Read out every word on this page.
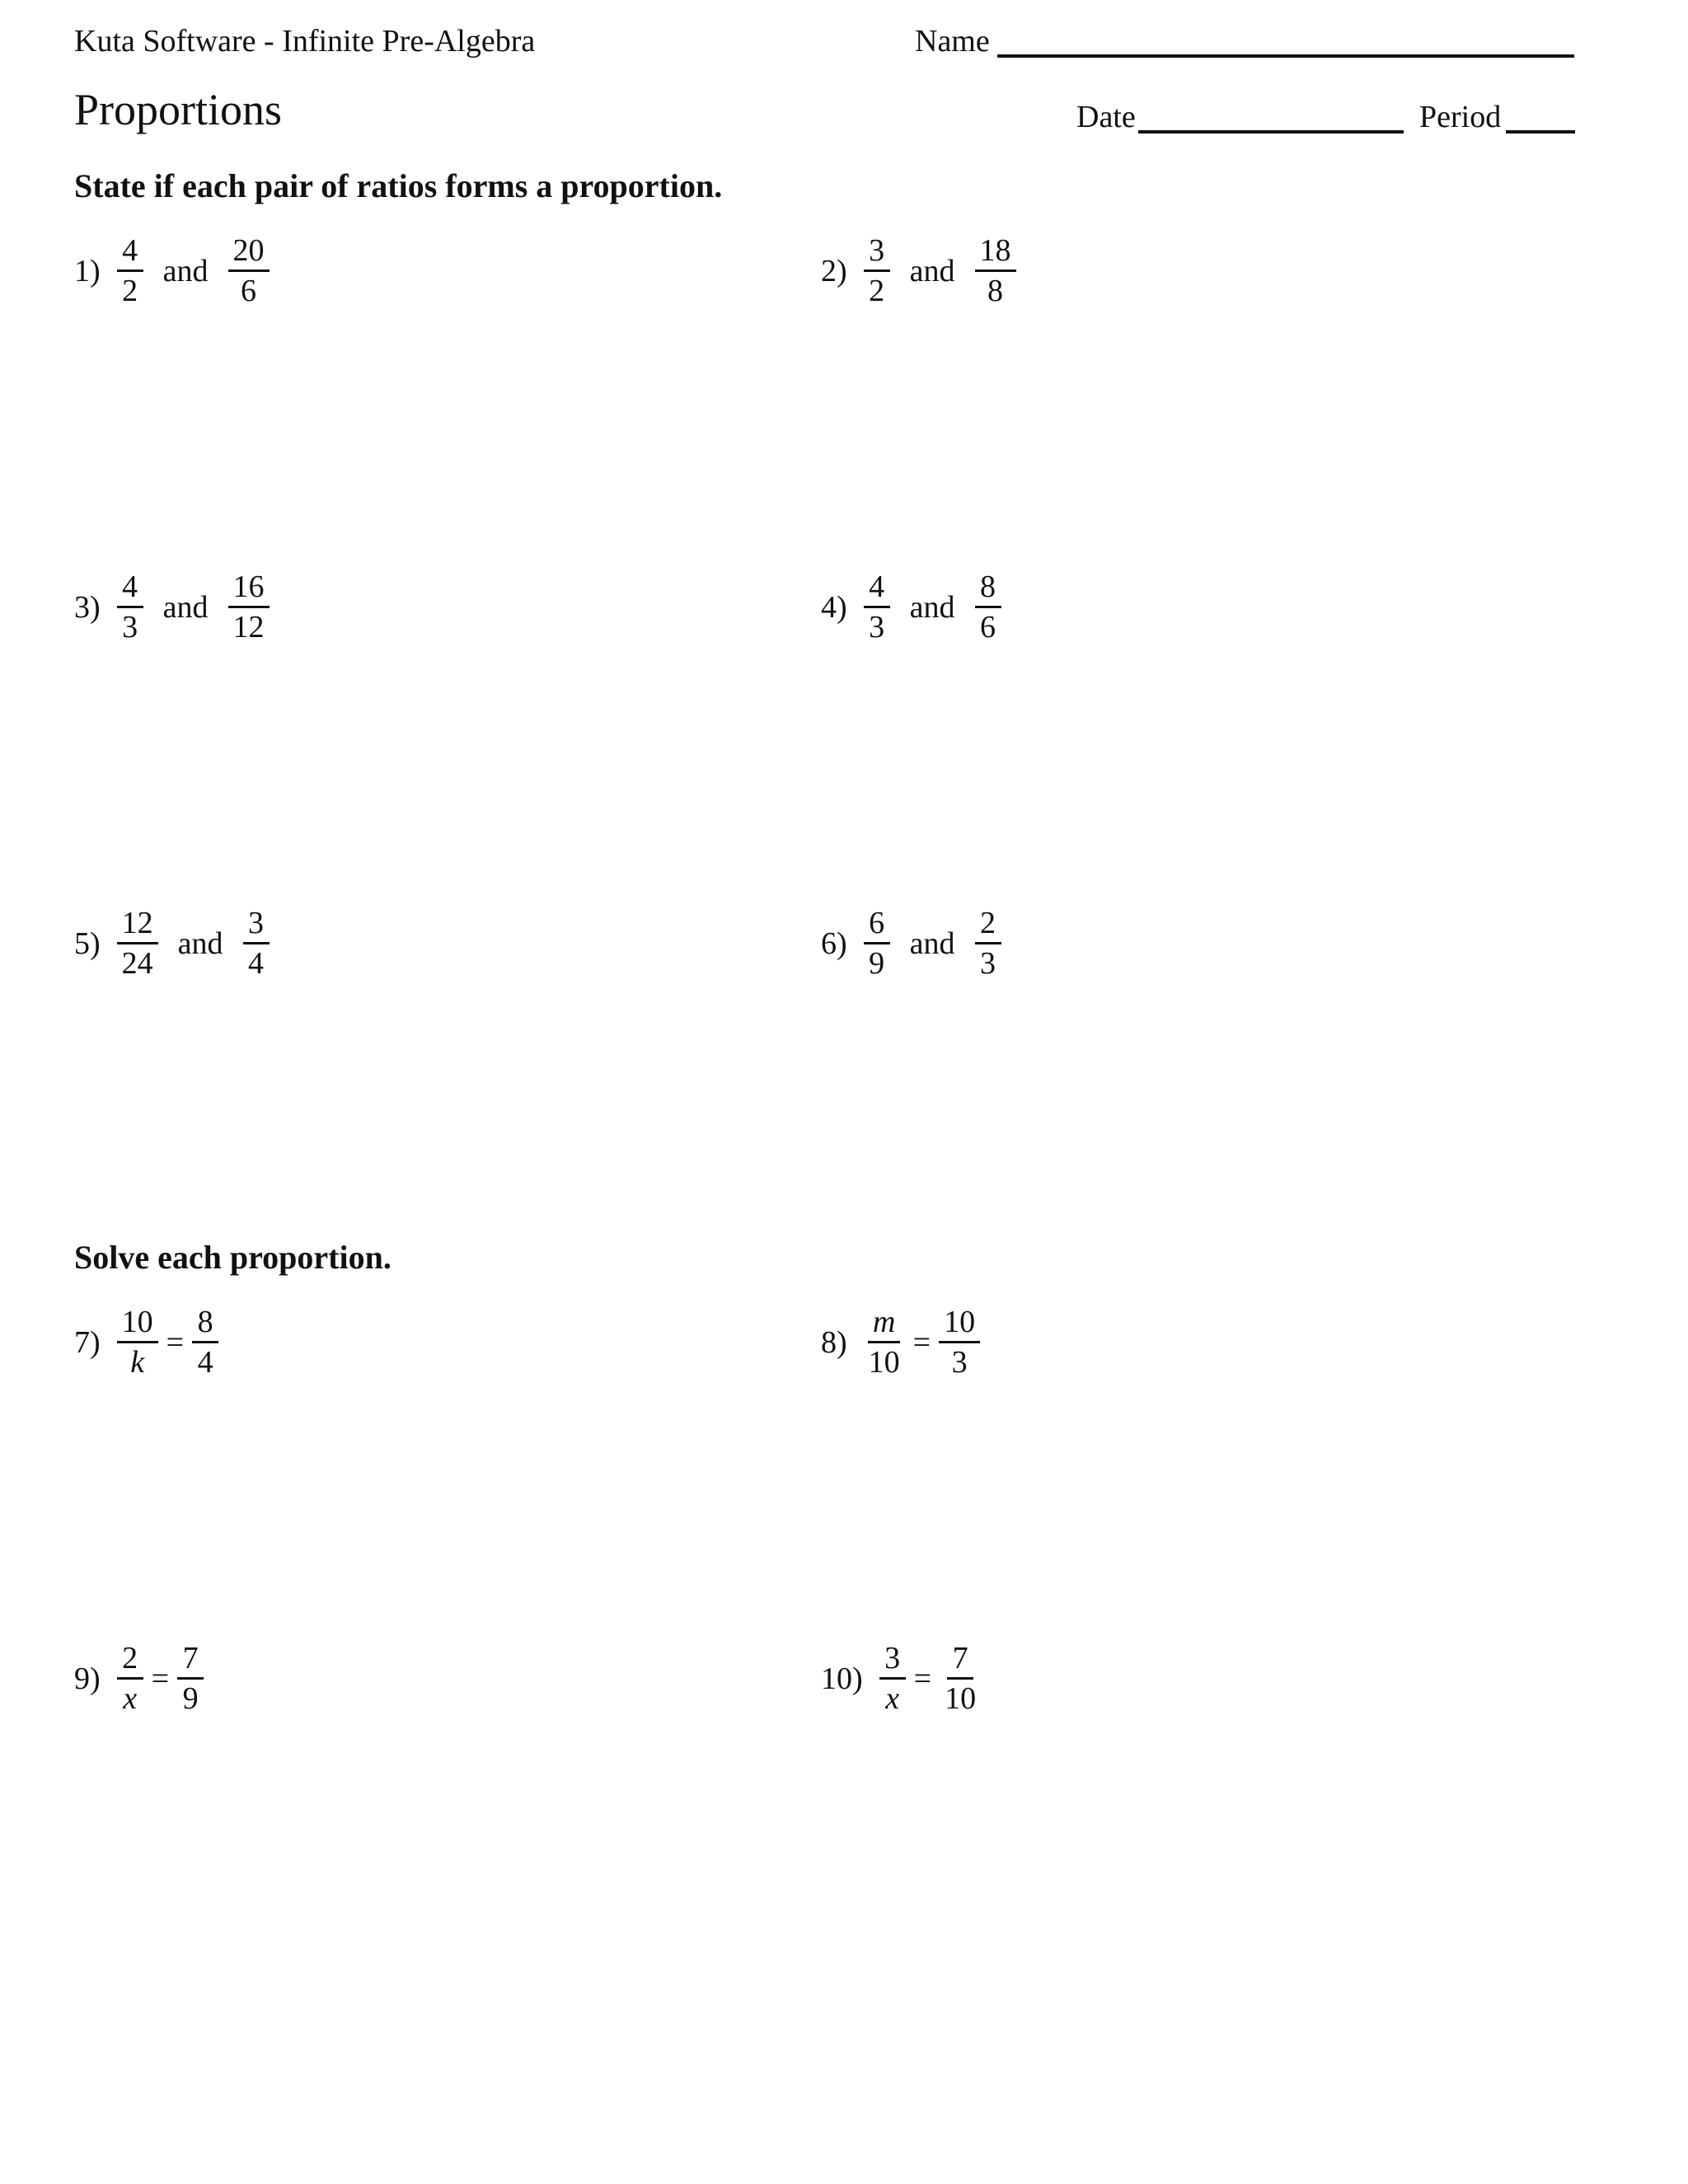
Kuta Software - Infinite Pre-Algebra
Proportions
Name
Date	Period
State if each pair of ratios forms a proportion.
$1) \frac{4}{2}$ and $\frac{20}{6}$	$2) \frac{3}{2}$ and $\frac{18}{8}$
$3) \frac{4}{3}$ and $\frac{16}{12}$	$4) \frac{4}{3}$ and $\frac{8}{6}$
$5) \frac{12}{24}$ and $\frac{3}{4}$	$6) \frac{6}{9}$ and $\frac{2}{3}$
Solve each proportion.
$7) \frac{10}{k} = \frac{8}{4}$	$8) \frac{m}{10} = \frac{10}{3}$
$9) \frac{2}{x} = \frac{7}{9}$	$10) \frac{3}{x} = \frac{7}{10}$
